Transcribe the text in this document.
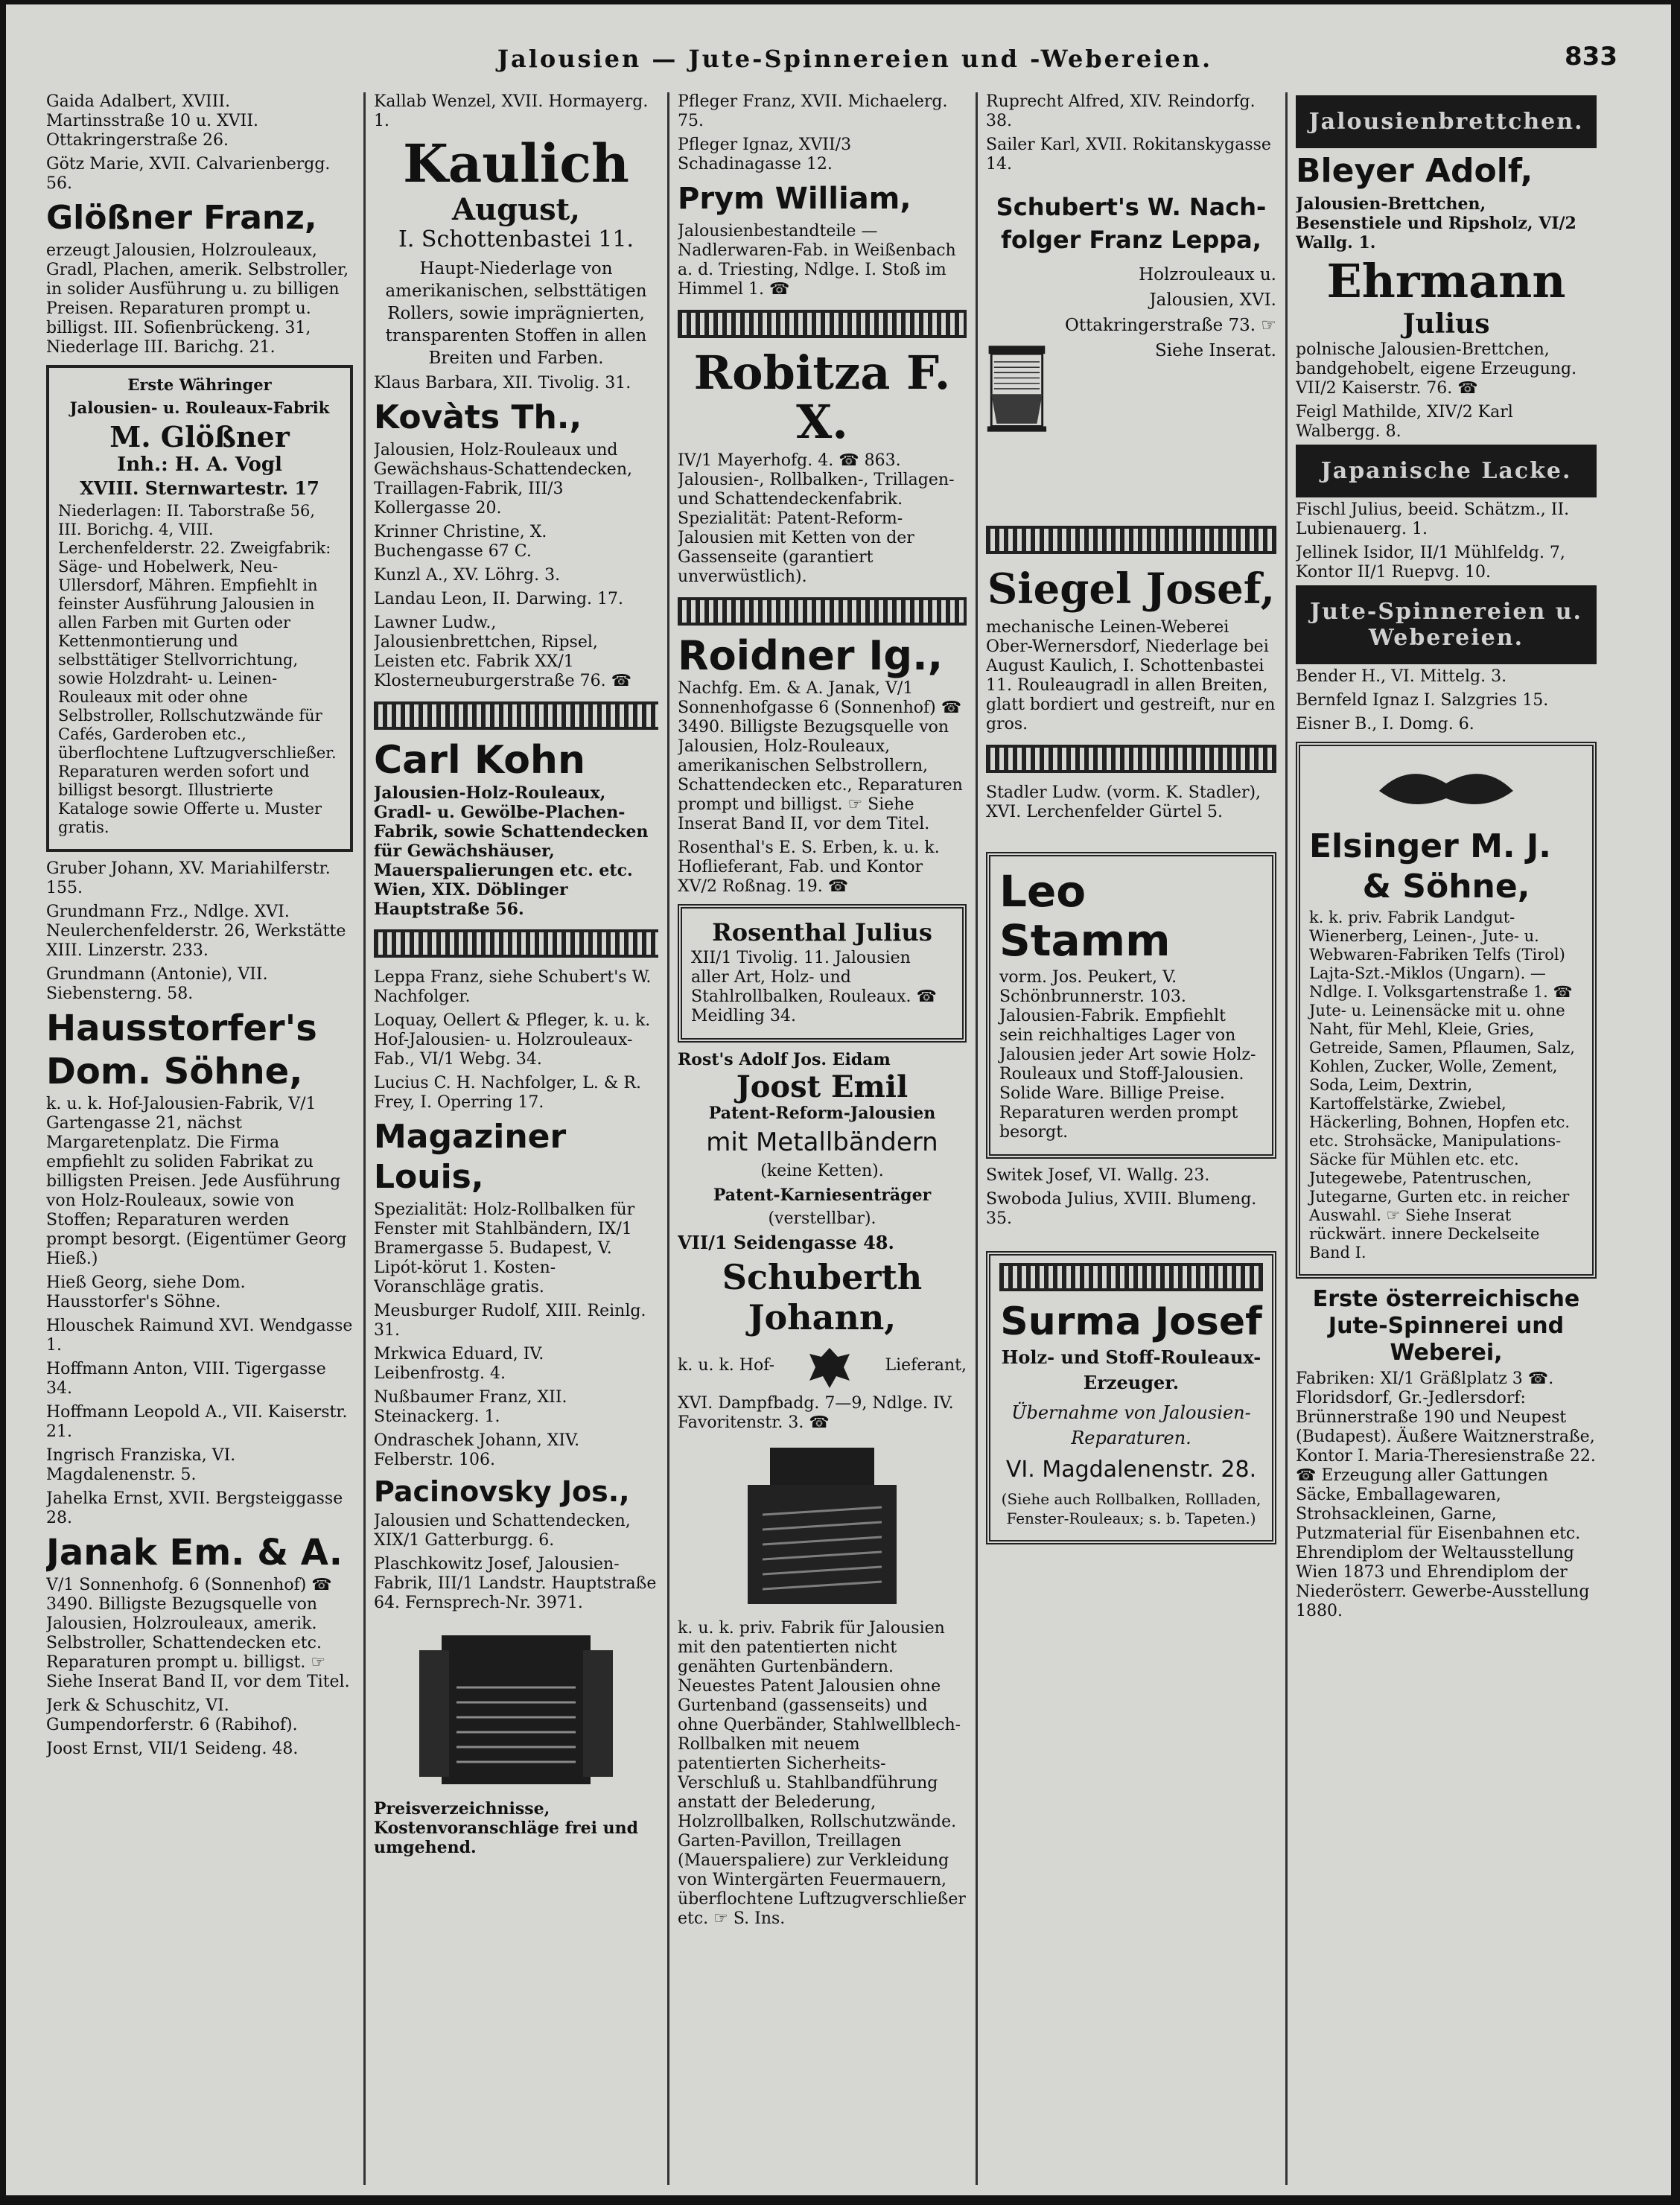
Jalousien — Jute-Spinnereien und -Webereien.	833

Gaida Adalbert, XVIII. Martinsstraße 10 u. XVII. Ottakringerstraße 26.

Götz Marie, XVII. Calvarienbergg. 56.

Glößner Franz,

erzeugt Jalousien, Holzrouleaux, Gradl, Plachen, amerik. Selbstroller, in solider Ausführung u. zu billigen Preisen. Reparaturen prompt u. billigst. III. Sofienbrückeng. 31, Niederlage III. Barichg. 21.

Erste Währinger

Jalousien- u. Rouleaux-Fabrik

M. Glößner

Inh.: H. A. Vogl

XVIII. Sternwartestr. 17

Niederlagen: II. Taborstraße 56, III. Borichg. 4, VIII. Lerchenfelderstr. 22. Zweigfabrik: Säge- und Hobelwerk, Neu-Ullersdorf, Mähren. Empfiehlt in feinster Ausführung Jalousien in allen Farben mit Gurten oder Kettenmontierung und selbsttätiger Stellvorrichtung, sowie Holzdraht- u. Leinen-Rouleaux mit oder ohne Selbstroller, Rollschutzwände für Cafés, Garderoben etc., überflochtene Luftzugverschließer. Reparaturen werden sofort und billigst besorgt. Illustrierte Kataloge sowie Offerte u. Muster gratis.

Gruber Johann, XV. Mariahilferstr. 155.

Grundmann Frz., Ndlge. XVI. Neulerchenfelderstr. 26, Werkstätte XIII. Linzerstr. 233.

Grundmann (Antonie), VII. Siebensterng. 58.

Hausstorfer's
Dom. Söhne,

k. u. k. Hof-Jalousien-Fabrik, V/1 Gartengasse 21, nächst Margaretenplatz. Die Firma empfiehlt zu soliden Fabrikat zu billigsten Preisen. Jede Ausführung von Holz-Rouleaux, sowie von Stoffen; Reparaturen werden prompt besorgt. (Eigentümer Georg Hieß.)

Hieß Georg, siehe Dom. Hausstorfer's Söhne.

Hlouschek Raimund XVI. Wendgasse 1.

Hoffmann Anton, VIII. Tigergasse 34.

Hoffmann Leopold A., VII. Kaiserstr. 21.

Ingrisch Franziska, VI. Magdalenenstr. 5.

Jahelka Ernst, XVII. Bergsteiggasse 28.

Janak Em. & A.

V/1 Sonnenhofg. 6 (Sonnenhof) ☎ 3490. Billigste Bezugsquelle von Jalousien, Holzrouleaux, amerik. Selbstroller, Schattendecken etc. Reparaturen prompt u. billigst. ☞ Siehe Inserat Band II, vor dem Titel.

Jerk & Schuschitz, VI. Gumpendorferstr. 6 (Rabihof).

Joost Ernst, VII/1 Seideng. 48.

Kallab Wenzel, XVII. Hormayerg. 1.

Kaulich
August,

I. Schottenbastei 11.

Haupt-Niederlage von amerikanischen, selbsttätigen Rollers, sowie imprägnierten, transparenten Stoffen in allen Breiten und Farben.

Klaus Barbara, XII. Tivolig. 31.

Kovàts Th.,

Jalousien, Holz-Rouleaux und Gewächshaus-Schattendecken, Traillagen-Fabrik, III/3 Kollergasse 20.

Krinner Christine, X. Buchengasse 67 C.

Kunzl A., XV. Löhrg. 3.

Landau Leon, II. Darwing. 17.

Lawner Ludw., Jalousienbrettchen, Ripsel, Leisten etc. Fabrik XX/1 Klosterneuburgerstraße 76. ☎

Carl Kohn

Jalousien-Holz-Rouleaux, Gradl- u. Gewölbe-Plachen-Fabrik, sowie Schattendecken für Gewächshäuser, Mauerspalierungen etc. etc. Wien, XIX. Döblinger Hauptstraße 56.

Leppa Franz, siehe Schubert's W. Nachfolger.

Loquay, Oellert & Pfleger, k. u. k. Hof-Jalousien- u. Holzrouleaux-Fab., VI/1 Webg. 34.

Lucius C. H. Nachfolger, L. & R. Frey, I. Operring 17.

Magaziner Louis,

Spezialität: Holz-Rollbalken für Fenster mit Stahlbändern, IX/1 Bramergasse 5. Budapest, V. Lipót-körut 1. Kosten-Voranschläge gratis.

Meusburger Rudolf, XIII. Reinlg. 31.

Mrkwica Eduard, IV. Leibenfrostg. 4.

Nußbaumer Franz, XII. Steinackerg. 1.

Ondraschek Johann, XIV. Felberstr. 106.

Pacinovsky Jos.,

Jalousien und Schattendecken, XIX/1 Gatterburgg. 6.

Plaschkowitz Josef, Jalousien-Fabrik, III/1 Landstr. Hauptstraße 64. Fernsprech-Nr. 3971.

Preisverzeichnisse, Kostenvoranschläge frei und umgehend.

Pfleger Franz, XVII. Michaelerg. 75.

Pfleger Ignaz, XVII/3 Schadinagasse 12.

Prym William,

Jalousienbestandteile — Nadlerwaren-Fab. in Weißenbach a. d. Triesting, Ndlge. I. Stoß im Himmel 1. ☎

Robitza F. X.

IV/1 Mayerhofg. 4. ☎ 863. Jalousien-, Rollbalken-, Trillagen- und Schattendeckenfabrik. Spezialität: Patent-Reform-Jalousien mit Ketten von der Gassenseite (garantiert unverwüstlich).

Roidner Ig.,

Nachfg. Em. & A. Janak, V/1 Sonnenhofgasse 6 (Sonnenhof) ☎ 3490. Billigste Bezugsquelle von Jalousien, Holz-Rouleaux, amerikanischen Selbstrollern, Schattendecken etc., Reparaturen prompt und billigst. ☞ Siehe Inserat Band II, vor dem Titel.

Rosenthal's E. S. Erben, k. u. k. Hoflieferant, Fab. und Kontor XV/2 Roßnag. 19. ☎

Rosenthal Julius

XII/1 Tivolig. 11. Jalousien aller Art, Holz- und Stahlrollbalken, Rouleaux. ☎ Meidling 34.

Rost's Adolf Jos. Eidam

Joost Emil

Patent-Reform-Jalousien

mit Metallbändern

(keine Ketten).

Patent-Karniesenträger

(verstellbar).

VII/1 Seidengasse 48.

Schuberth Johann,

k. u. k. Hof-	Lieferant,

XVI. Dampfbadg. 7—9, Ndlge. IV. Favoritenstr. 3. ☎

k. u. k. priv. Fabrik für Jalousien mit den patentierten nicht genähten Gurtenbändern. Neuestes Patent Jalousien ohne Gurtenband (gassenseits) und ohne Querbänder, Stahlwellblech-Rollbalken mit neuem patentierten Sicherheits-Verschluß u. Stahlbandführung anstatt der Belederung, Holzrollbalken, Rollschutzwände. Garten-Pavillon, Treillagen (Mauerspaliere) zur Verkleidung von Wintergärten Feuermauern, überflochtene Luftzugverschließer etc. ☞ S. Ins.

Ruprecht Alfred, XIV. Reindorfg. 38.

Sailer Karl, XVII. Rokitanskygasse 14.

Schubert's W. Nach-
folger Franz Leppa,

Holzrouleaux u. Jalousien, XVI. Ottakringerstraße 73. ☞ Siehe Inserat.

Siegel Josef,

mechanische Leinen-Weberei Ober-Wernersdorf, Niederlage bei August Kaulich, I. Schottenbastei 11. Rouleaugradl in allen Breiten, glatt bordiert und gestreift, nur en gros.

Stadler Ludw. (vorm. K. Stadler), XVI. Lerchenfelder Gürtel 5.

Leo Stamm

vorm. Jos. Peukert, V. Schönbrunnerstr. 103. Jalousien-Fabrik. Empfiehlt sein reichhaltiges Lager von Jalousien jeder Art sowie Holz-Rouleaux und Stoff-Jalousien. Solide Ware. Billige Preise. Reparaturen werden prompt besorgt.

Switek Josef, VI. Wallg. 23.

Swoboda Julius, XVIII. Blumeng. 35.

Surma Josef

Holz- und Stoff-Rouleaux-Erzeuger.

Übernahme von Jalousien-Reparaturen.

VI. Magdalenenstr. 28.

(Siehe auch Rollbalken, Rollladen, Fenster-Rouleaux; s. b. Tapeten.)

Jalousienbrettchen.
Bleyer Adolf,

Jalousien-Brettchen, Besenstiele und Ripsholz, VI/2 Wallg. 1.

Ehrmann
Julius

polnische Jalousien-Brettchen, bandgehobelt, eigene Erzeugung. VII/2 Kaiserstr. 76. ☎

Feigl Mathilde, XIV/2 Karl Walbergg. 8.

Japanische Lacke.

Fischl Julius, beeid. Schätzm., II. Lubienauerg. 1.

Jellinek Isidor, II/1 Mühlfeldg. 7, Kontor II/1 Ruepvg. 10.

Jute-Spinnereien u. Webereien.

Bender H., VI. Mittelg. 3.

Bernfeld Ignaz I. Salzgries 15.

Eisner B., I. Domg. 6.

Elsinger M. J.
& Söhne,

k. k. priv. Fabrik Landgut-Wienerberg, Leinen-, Jute- u. Webwaren-Fabriken Telfs (Tirol) Lajta-Szt.-Miklos (Ungarn). — Ndlge. I. Volksgartenstraße 1. ☎ Jute- u. Leinensäcke mit u. ohne Naht, für Mehl, Kleie, Gries, Getreide, Samen, Pflaumen, Salz, Kohlen, Zucker, Wolle, Zement, Soda, Leim, Dextrin, Kartoffelstärke, Zwiebel, Häckerling, Bohnen, Hopfen etc. etc. Strohsäcke, Manipulations-Säcke für Mühlen etc. etc. Jutegewebe, Patentruschen, Jutegarne, Gurten etc. in reicher Auswahl. ☞ Siehe Inserat rückwärt. innere Deckelseite Band I.

Erste österreichische Jute-Spinnerei und Weberei,

Fabriken: XI/1 Gräßlplatz 3 ☎. Floridsdorf, Gr.-Jedlersdorf: Brünnerstraße 190 und Neupest (Budapest). Äußere Waitznerstraße, Kontor I. Maria-Theresienstraße 22. ☎ Erzeugung aller Gattungen Säcke, Emballagewaren, Strohsackleinen, Garne, Putzmaterial für Eisenbahnen etc. Ehrendiplom der Weltausstellung Wien 1873 und Ehrendiplom der Niederösterr. Gewerbe-Ausstellung 1880.
